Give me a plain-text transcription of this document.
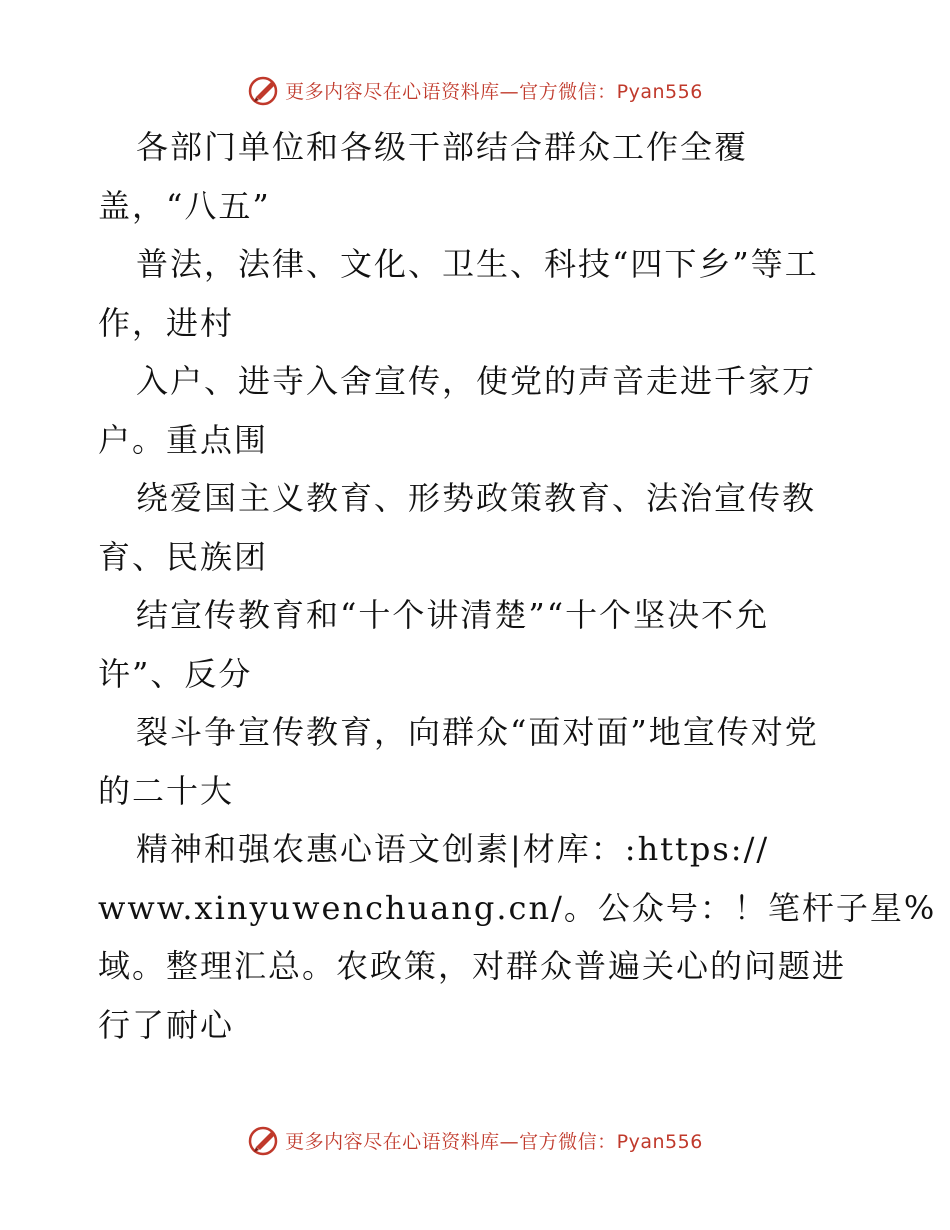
更多内容尽在心语资料库—官方微信：Pyan556
各部门单位和各级干部结合群众工作全覆
盖，“八五”
普法，法律、文化、卫生、科技“四下乡”等工
作，进村
入户、进寺入舍宣传，使党的声音走进千家万
户。重点围
绕爱国主义教育、形势政策教育、法治宣传教
育、民族团
结宣传教育和“十个讲清楚”“十个坚决不允
许”、反分
裂斗争宣传教育，向群众“面对面”地宣传对党
的二十大
精神和强农惠心语文创素|材库：:https://
www.xinyuwenchuang.cn/。公众号：！笔杆子星%
域。整理汇总。农政策，对群众普遍关心的问题进
行了耐心
更多内容尽在心语资料库—官方微信：Pyan556
